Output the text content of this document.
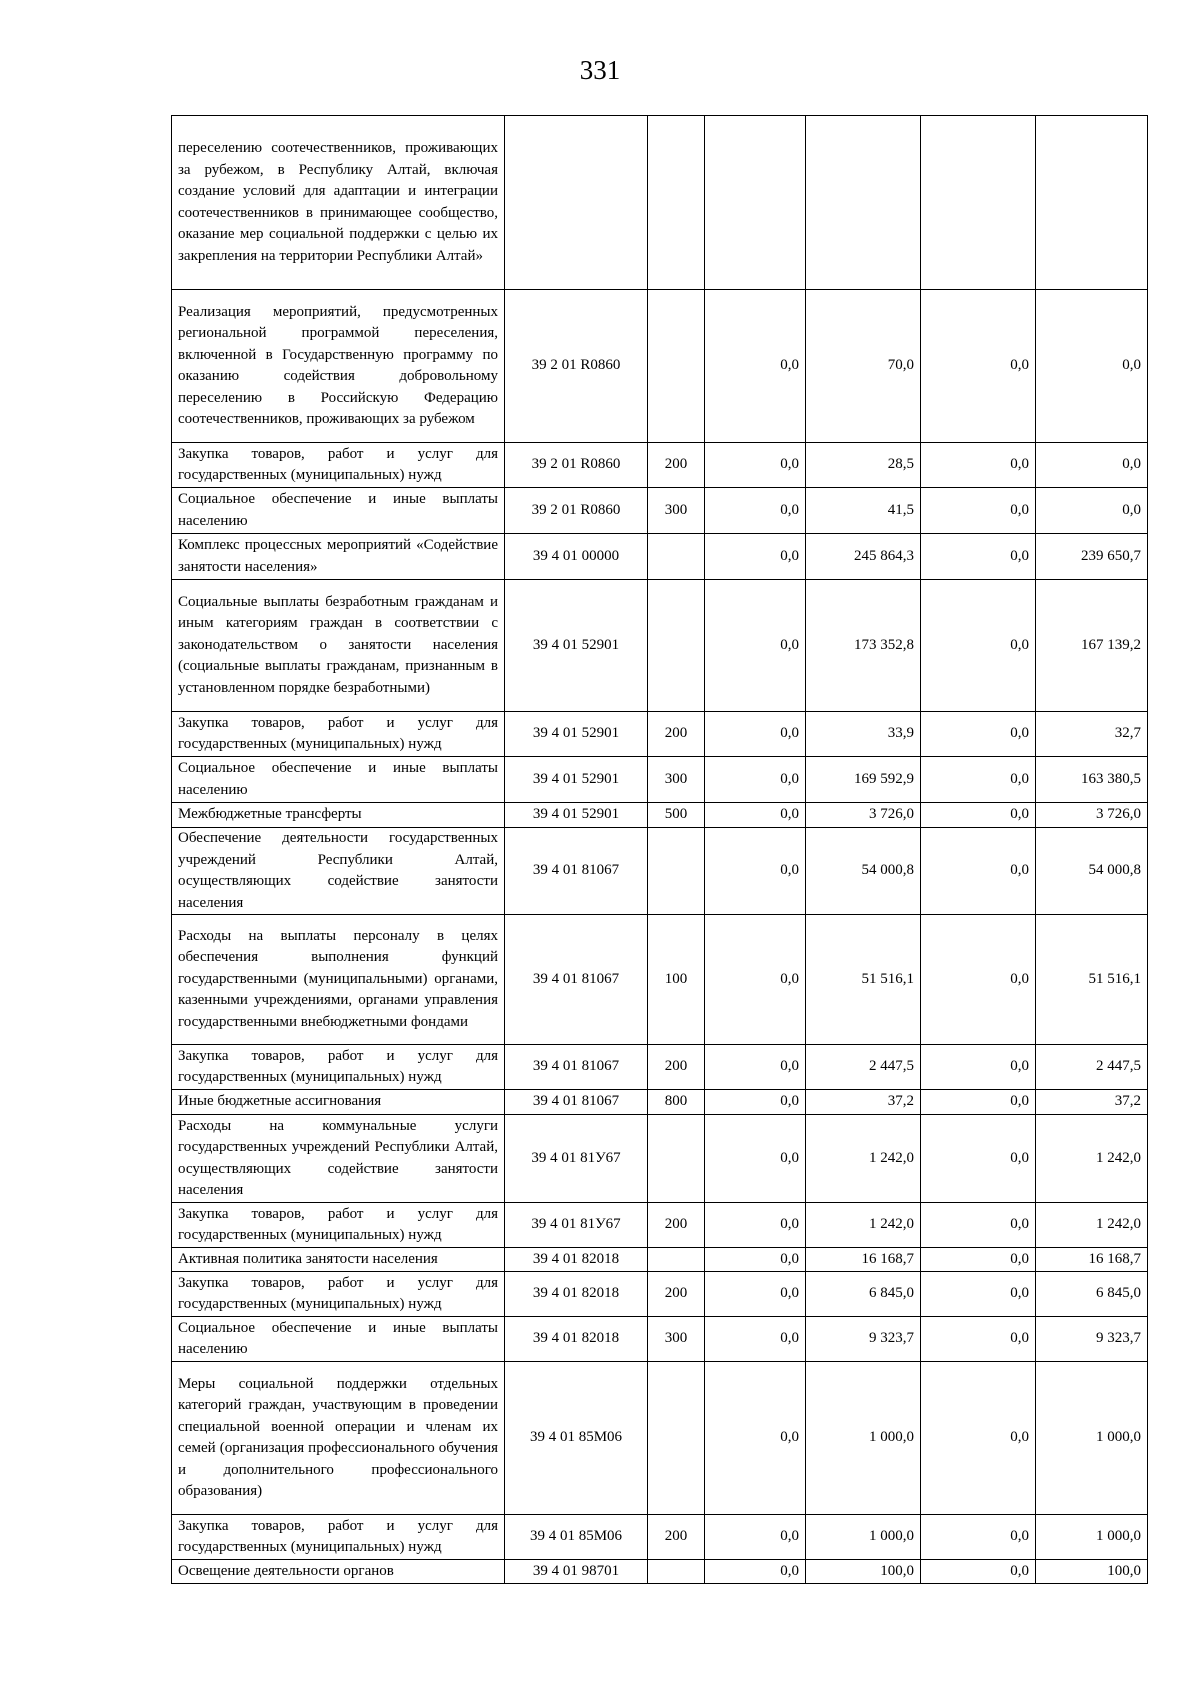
331
переселению соотечественников, проживающих за рубежом, в Республику Алтай, включая создание условий для адаптации и интеграции соотечественников в принимающее сообщество, оказание мер социальной поддержки с целью их закрепления на территории Республики Алтай»						
Реализация мероприятий, предусмотренных региональной программой переселения, включенной в Государственную программу по оказанию содействия добровольному переселению в Российскую Федерацию соотечественников, проживающих за рубежом	39 2 01 R0860		0,0	70,0	0,0	0,0
Закупка товаров, работ и услуг для государственных (муниципальных) нужд	39 2 01 R0860	200	0,0	28,5	0,0	0,0
Социальное обеспечение и иные выплаты населению	39 2 01 R0860	300	0,0	41,5	0,0	0,0
Комплекс процессных мероприятий «Содействие занятости населения»	39 4 01 00000		0,0	245 864,3	0,0	239 650,7
Социальные выплаты безработным гражданам и иным категориям граждан в соответствии с законодательством о занятости населения (социальные выплаты гражданам, признанным в установленном порядке безработными)	39 4 01 52901		0,0	173 352,8	0,0	167 139,2
Закупка товаров, работ и услуг для государственных (муниципальных) нужд	39 4 01 52901	200	0,0	33,9	0,0	32,7
Социальное обеспечение и иные выплаты населению	39 4 01 52901	300	0,0	169 592,9	0,0	163 380,5
Межбюджетные трансферты	39 4 01 52901	500	0,0	3 726,0	0,0	3 726,0
Обеспечение деятельности государственных учреждений Республики Алтай, осуществляющих содействие занятости населения	39 4 01 81067		0,0	54 000,8	0,0	54 000,8
Расходы на выплаты персоналу в целях обеспечения выполнения функций государственными (муниципальными) органами, казенными учреждениями, органами управления государственными внебюджетными фондами	39 4 01 81067	100	0,0	51 516,1	0,0	51 516,1
Закупка товаров, работ и услуг для государственных (муниципальных) нужд	39 4 01 81067	200	0,0	2 447,5	0,0	2 447,5
Иные бюджетные ассигнования	39 4 01 81067	800	0,0	37,2	0,0	37,2
Расходы на коммунальные услуги государственных учреждений Республики Алтай, осуществляющих содействие занятости населения	39 4 01 81У67		0,0	1 242,0	0,0	1 242,0
Закупка товаров, работ и услуг для государственных (муниципальных) нужд	39 4 01 81У67	200	0,0	1 242,0	0,0	1 242,0
Активная политика занятости населения	39 4 01 82018		0,0	16 168,7	0,0	16 168,7
Закупка товаров, работ и услуг для государственных (муниципальных) нужд	39 4 01 82018	200	0,0	6 845,0	0,0	6 845,0
Социальное обеспечение и иные выплаты населению	39 4 01 82018	300	0,0	9 323,7	0,0	9 323,7
Меры социальной поддержки отдельных категорий граждан, участвующим в проведении специальной военной операции и членам их семей (организация профессионального обучения и дополнительного профессионального образования)	39 4 01 85М06		0,0	1 000,0	0,0	1 000,0
Закупка товаров, работ и услуг для государственных (муниципальных) нужд	39 4 01 85М06	200	0,0	1 000,0	0,0	1 000,0
Освещение деятельности органов	39 4 01 98701		0,0	100,0	0,0	100,0
